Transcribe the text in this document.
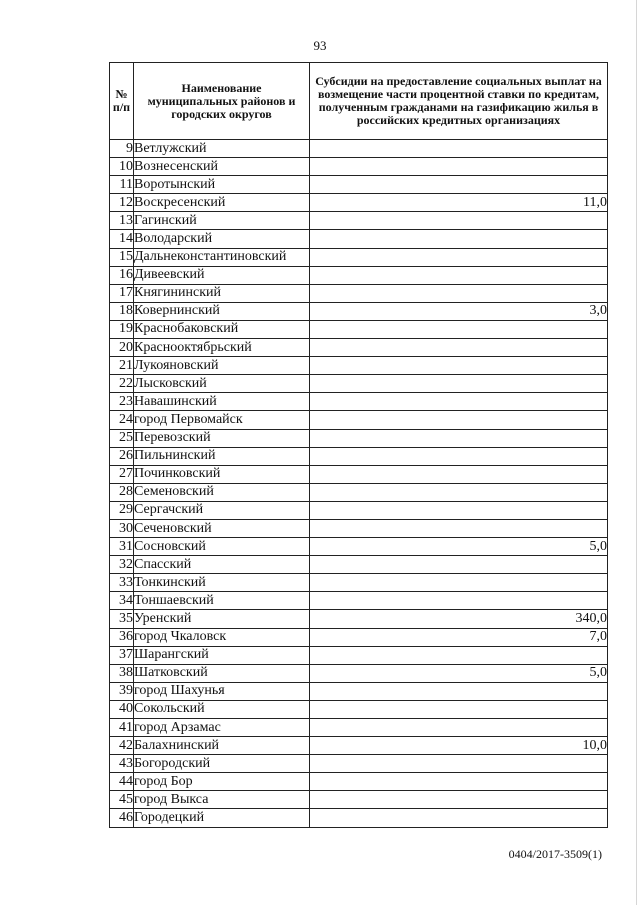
93
№ п/п	Наименование муниципальных районов и городских округов	Субсидии на предоставление социальных выплат на возмещение части процентной ставки по кредитам, полученным гражданами на газификацию жилья в российских кредитных организациях
9	Ветлужский	
10	Вознесенский	
11	Воротынский	
12	Воскресенский	11,0
13	Гагинский	
14	Володарский	
15	Дальнеконстантиновский	
16	Дивеевский	
17	Княгининский	
18	Ковернинский	3,0
19	Краснобаковский	
20	Краснооктябрьский	
21	Лукояновский	
22	Лысковский	
23	Навашинский	
24	город Первомайск	
25	Перевозский	
26	Пильнинский	
27	Починковский	
28	Семеновский	
29	Сергачский	
30	Сеченовский	
31	Сосновский	5,0
32	Спасский	
33	Тонкинский	
34	Тоншаевский	
35	Уренский	340,0
36	город Чкаловск	7,0
37	Шарангский	
38	Шатковский	5,0
39	город Шахунья	
40	Сокольский	
41	город Арзамас	
42	Балахнинский	10,0
43	Богородский	
44	город Бор	
45	город Выкса	
46	Городецкий	
0404/2017-3509(1)
